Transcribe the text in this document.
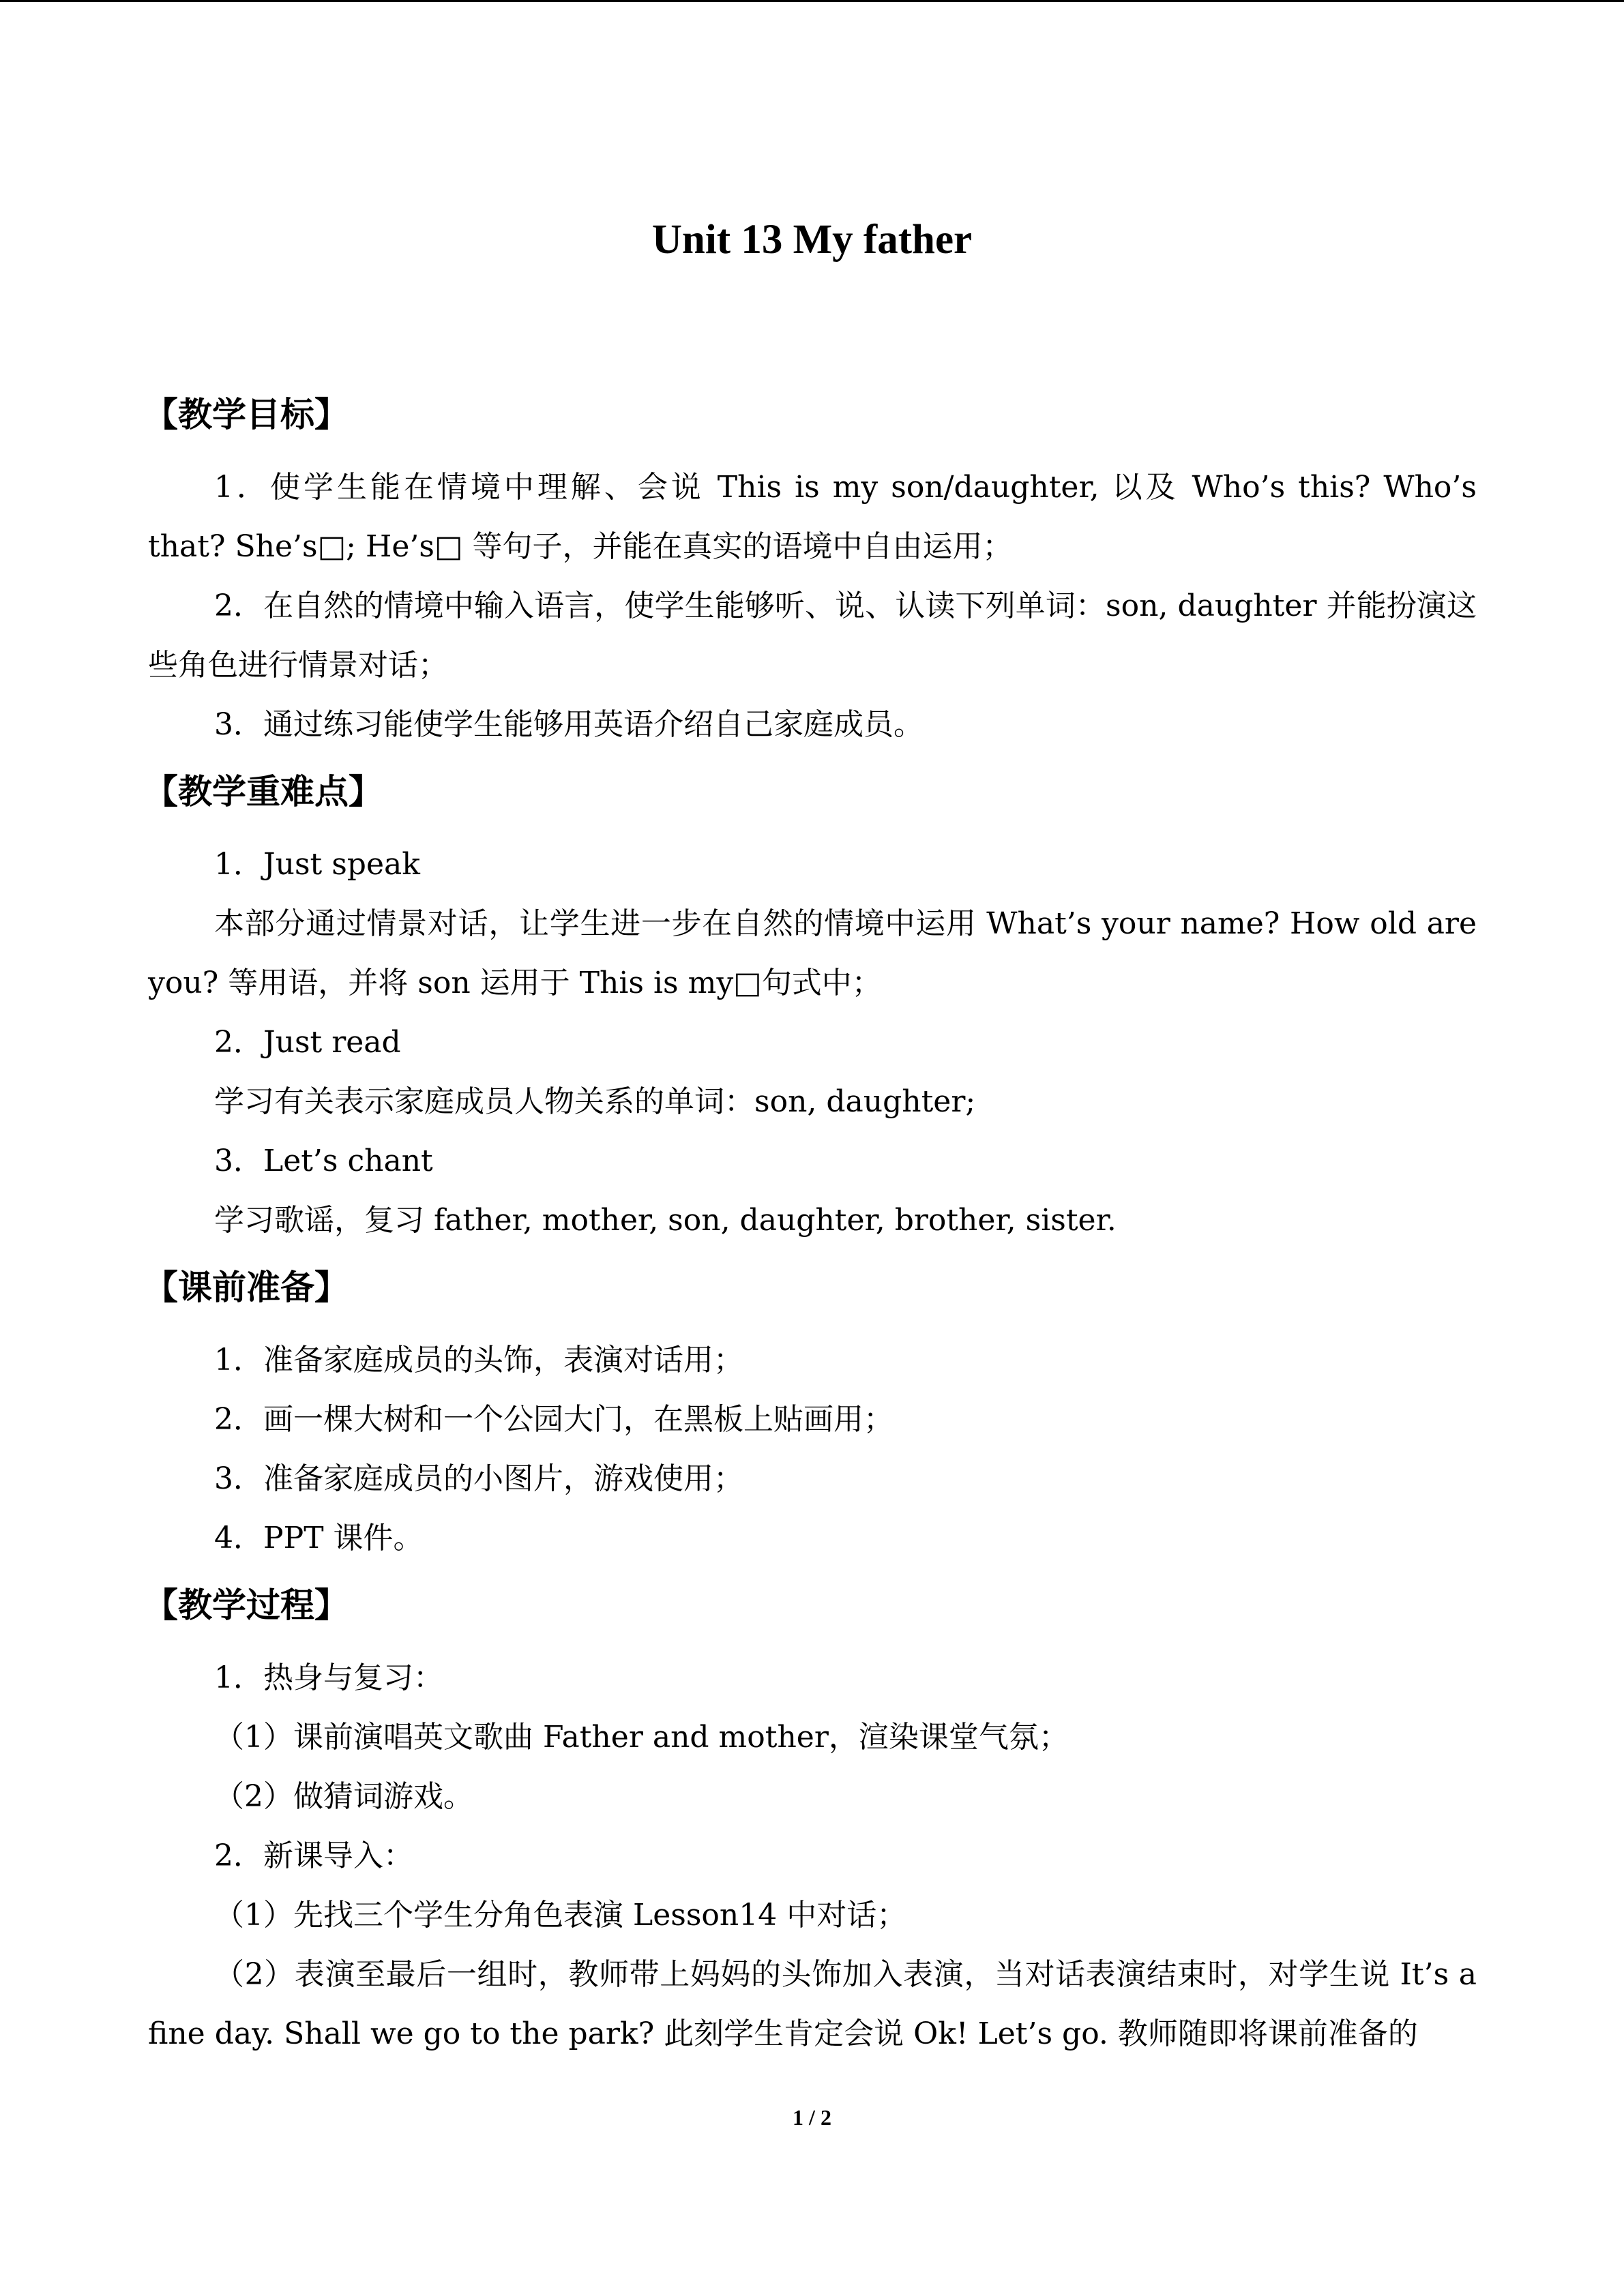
Unit 13 My father
【教学目标】
1．使学生能在情境中理解、会说 This is my son/daughter, 以及 Who’s this? Who’s that? She’s□; He’s□ 等句子，并能在真实的语境中自由运用；
2．在自然的情境中输入语言，使学生能够听、说、认读下列单词：son, daughter 并能扮演这些角色进行情景对话；
3．通过练习能使学生能够用英语介绍自己家庭成员。
【教学重难点】
1．Just speak
本部分通过情景对话，让学生进一步在自然的情境中运用 What’s your name? How old are you? 等用语，并将 son 运用于 This is my□句式中；
2．Just read
学习有关表示家庭成员人物关系的单词：son, daughter;
3．Let’s chant
学习歌谣，复习 father, mother, son, daughter, brother, sister.
【课前准备】
1．准备家庭成员的头饰，表演对话用；
2．画一棵大树和一个公园大门，在黑板上贴画用；
3．准备家庭成员的小图片，游戏使用；
4．PPT 课件。
【教学过程】
1．热身与复习：
（1）课前演唱英文歌曲 Father and mother，渲染课堂气氛；
（2）做猜词游戏。
2．新课导入：
（1）先找三个学生分角色表演 Lesson14 中对话；
（2）表演至最后一组时，教师带上妈妈的头饰加入表演，当对话表演结束时，对学生说 It’s a fine day. Shall we go to the park? 此刻学生肯定会说 Ok! Let’s go. 教师随即将课前准备的
1 / 2
